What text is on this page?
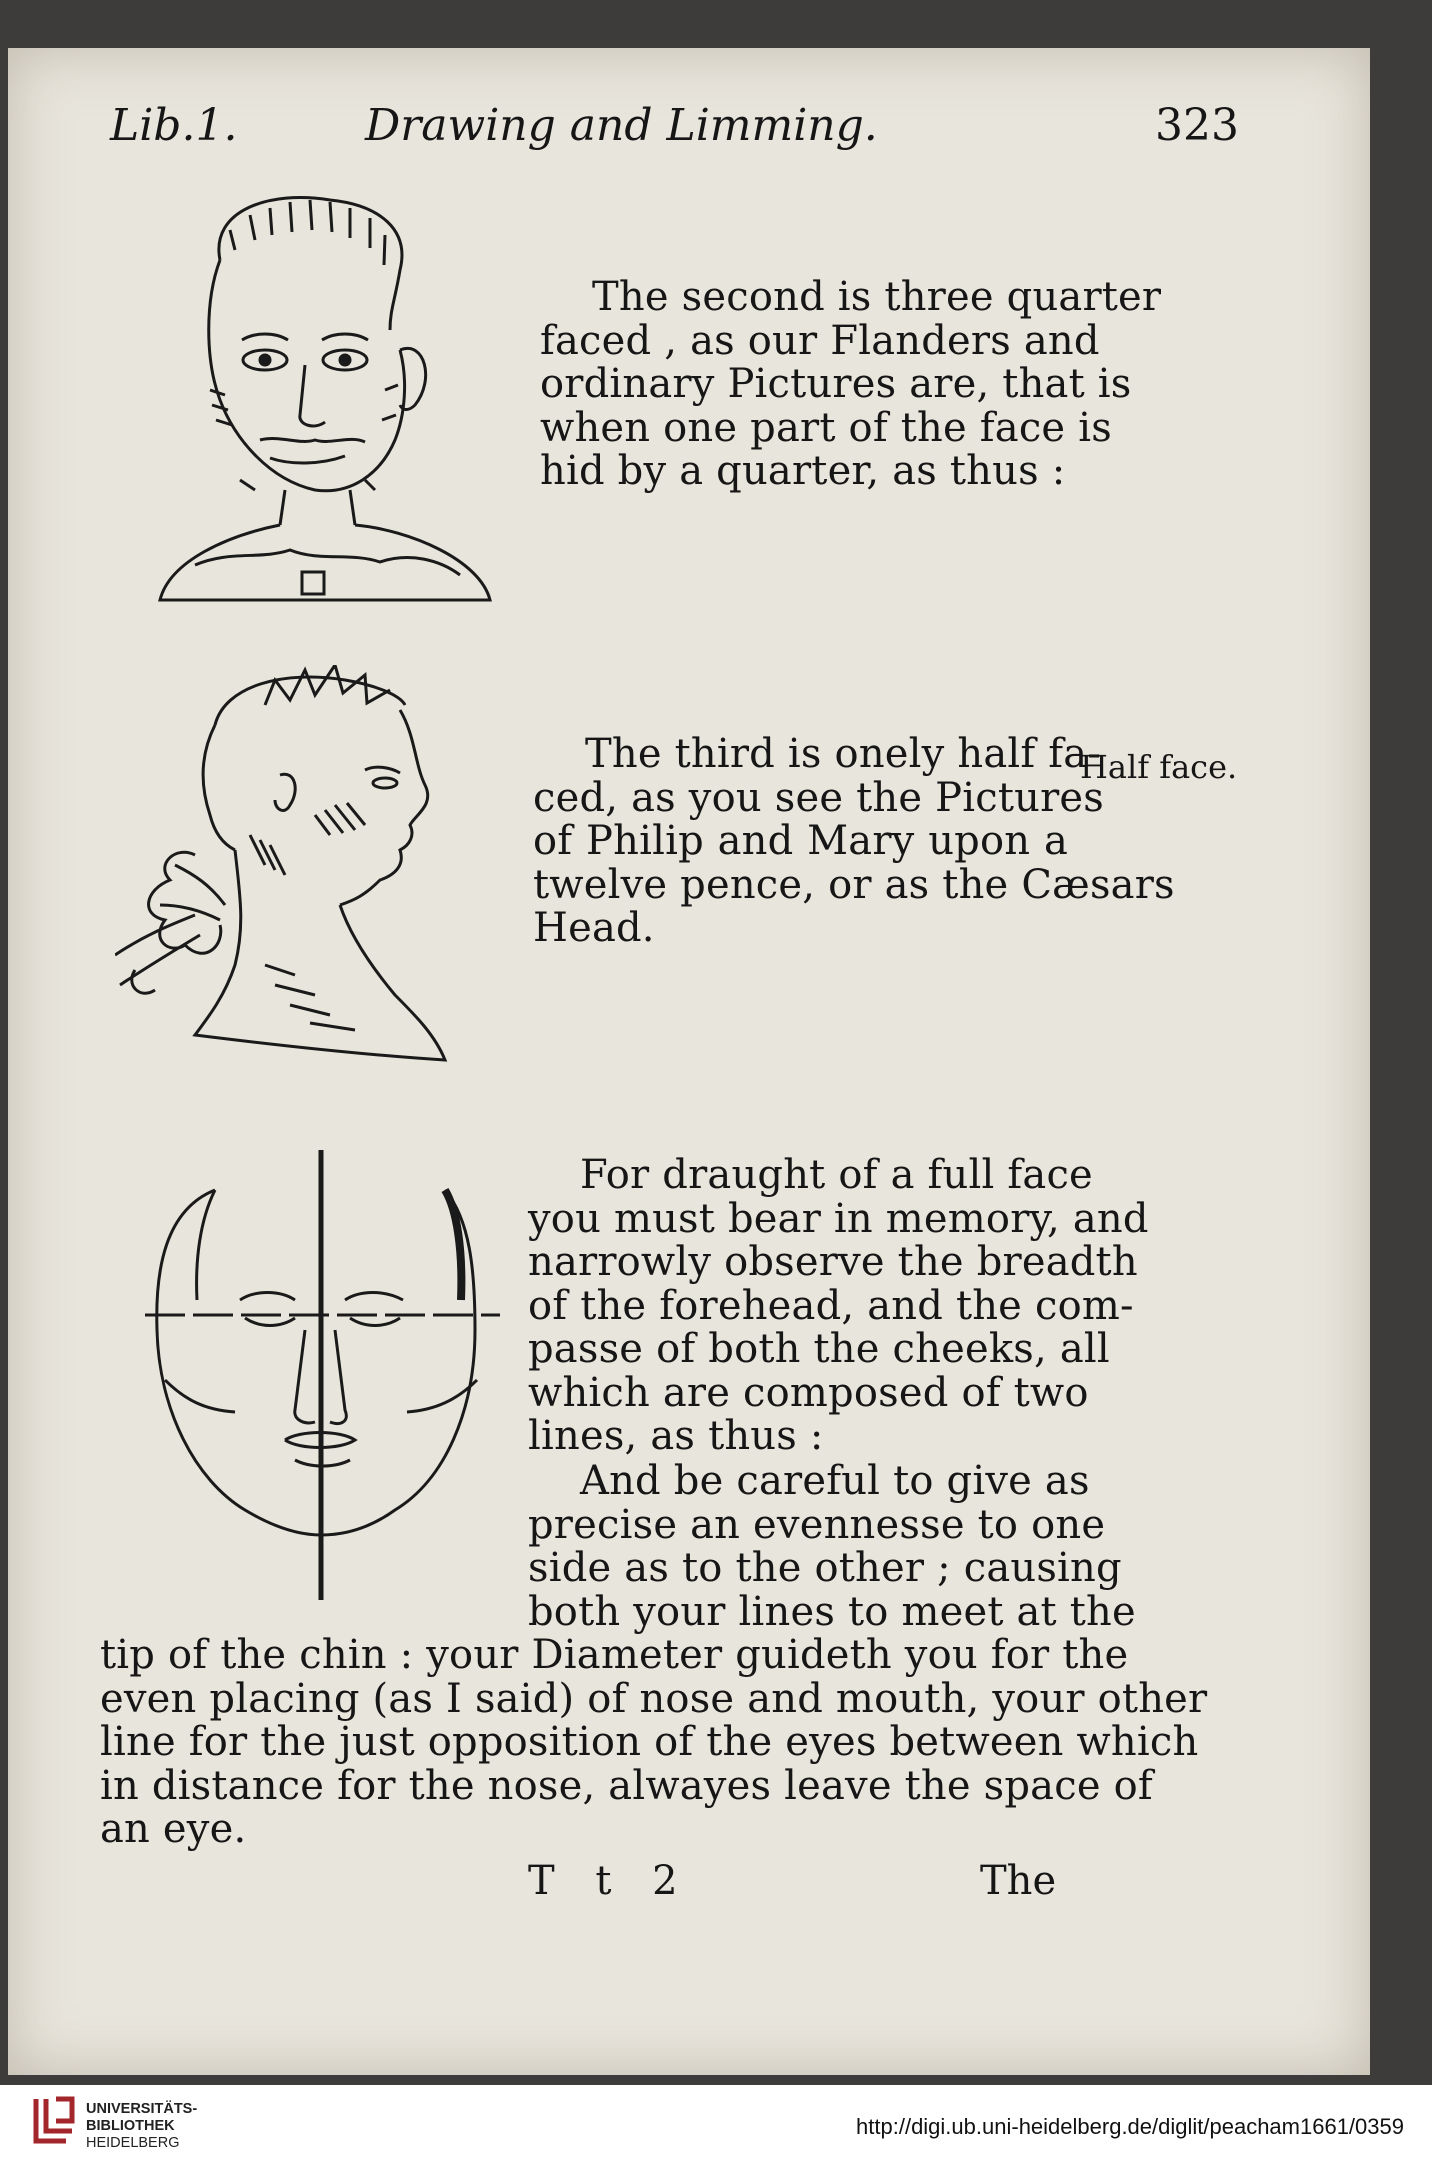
Lib.1.	Drawing and Limming.	323
The second is three quarter
faced , as our Flanders and
ordinary Pictures are, that is
when one part of the face is
hid by a quarter, as thus :
The third is onely half fa-
ced, as you see the Pictures
of Philip and Mary upon a
twelve pence, or as the Cæsars
Head.
Half face.
For draught of a full face
you must bear in memory, and
narrowly observe the breadth
of the forehead, and the com-
passe of both the cheeks, all
which are composed of two
lines, as thus :
And be careful to give as
precise an evennesse to one
side as to the other ; causing
both your lines to meet at the
tip of the chin : your Diameter guideth you for the
even placing (as I said) of nose and mouth, your other
line for the just opposition of the eyes between which
in distance for the nose, alwayes leave the space of
an eye.
T t 2	The
UNIVERSITÄTS-
BIBLIOTHEK
HEIDELBERG
http://digi.ub.uni-heidelberg.de/diglit/peacham1661/0359
